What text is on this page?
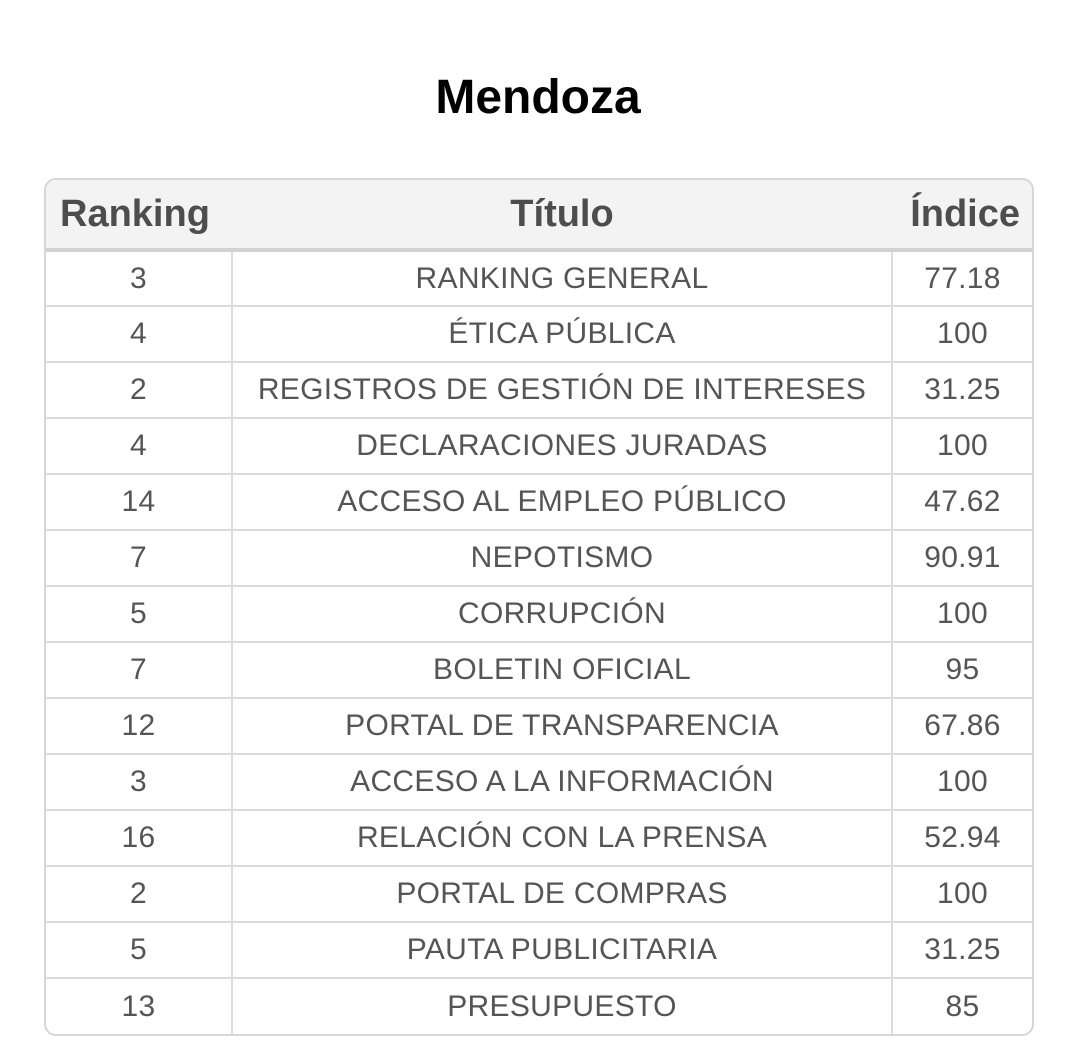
Mendoza
Ranking	Título	Índice
3	RANKING GENERAL	77.18
4	ÉTICA PÚBLICA	100
2	REGISTROS DE GESTIÓN DE INTERESES	31.25
4	DECLARACIONES JURADAS	100
14	ACCESO AL EMPLEO PÚBLICO	47.62
7	NEPOTISMO	90.91
5	CORRUPCIÓN	100
7	BOLETIN OFICIAL	95
12	PORTAL DE TRANSPARENCIA	67.86
3	ACCESO A LA INFORMACIÓN	100
16	RELACIÓN CON LA PRENSA	52.94
2	PORTAL DE COMPRAS	100
5	PAUTA PUBLICITARIA	31.25
13	PRESUPUESTO	85
